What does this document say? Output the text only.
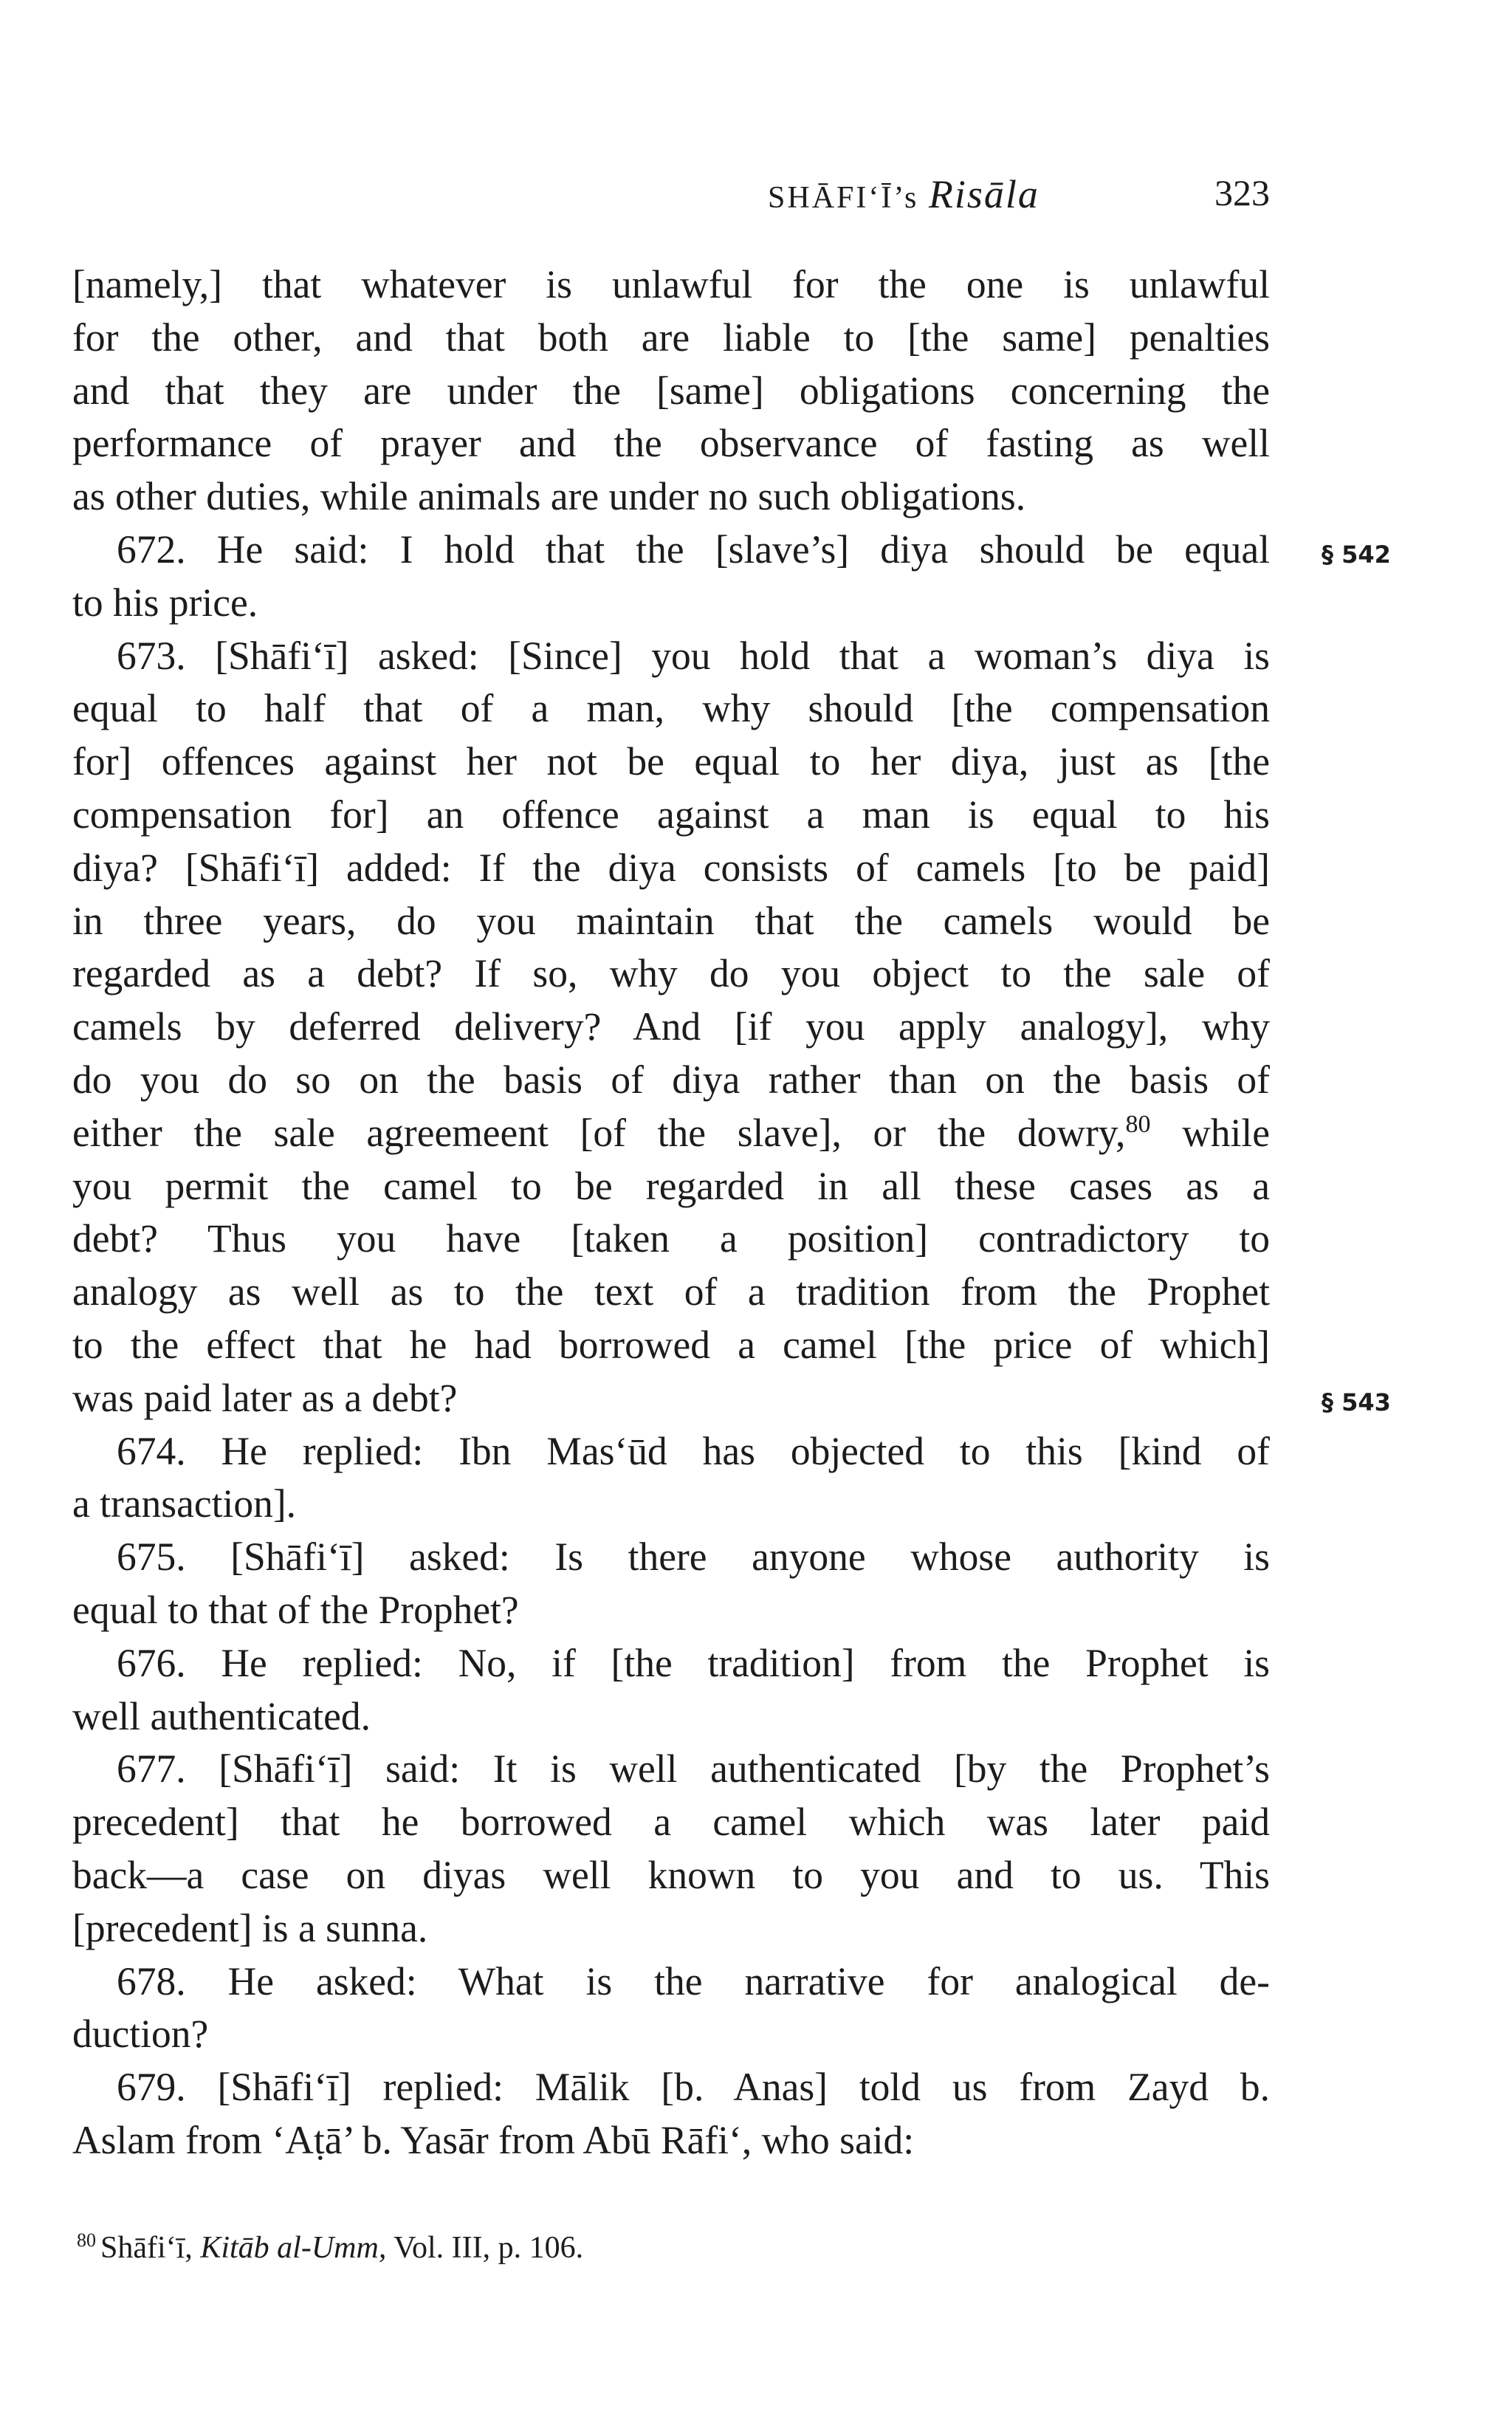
SHĀFI‘Ī’s Risāla	323
[namely,] that whatever is unlawful for the one is unlawful
for the other, and that both are liable to [the same] penalties
and that they are under the [same] obligations concerning the
performance of prayer and the observance of fasting as well
as other duties, while animals are under no such obligations.
672. He said: I hold that the [slave’s] diya should be equal
to his price.
673. [Shāfi‘ī] asked: [Since] you hold that a woman’s diya is
equal to half that of a man, why should [the compensation
for] offences against her not be equal to her diya, just as [the
compensation for] an offence against a man is equal to his
diya? [Shāfi‘ī] added: If the diya consists of camels [to be paid]
in three years, do you maintain that the camels would be
regarded as a debt? If so, why do you object to the sale of
camels by deferred delivery? And [if you apply analogy], why
do you do so on the basis of diya rather than on the basis of
either the sale agreemeent [of the slave], or the dowry,$^{80}$ while
you permit the camel to be regarded in all these cases as a
debt? Thus you have [taken a position] contradictory to
analogy as well as to the text of a tradition from the Prophet
to the effect that he had borrowed a camel [the price of which]
was paid later as a debt?
674. He replied: Ibn Mas‘ūd has objected to this [kind of
a transaction].
675. [Shāfi‘ī] asked: Is there anyone whose authority is
equal to that of the Prophet?
676. He replied: No, if [the tradition] from the Prophet is
well authenticated.
677. [Shāfi‘ī] said: It is well authenticated [by the Prophet’s
precedent] that he borrowed a camel which was later paid
back—a case on diyas well known to you and to us. This
[precedent] is a sunna.
678. He asked: What is the narrative for analogical de-
duction?
679. [Shāfi‘ī] replied: Mālik [b. Anas] told us from Zayd b.
Aslam from ‘Aṭā’ b. Yasār from Abū Rāfi‘, who said:
§ 542
§ 543
$^{80}$ Shāfi‘ī, Kitāb al-Umm, Vol. III, p. 106.
